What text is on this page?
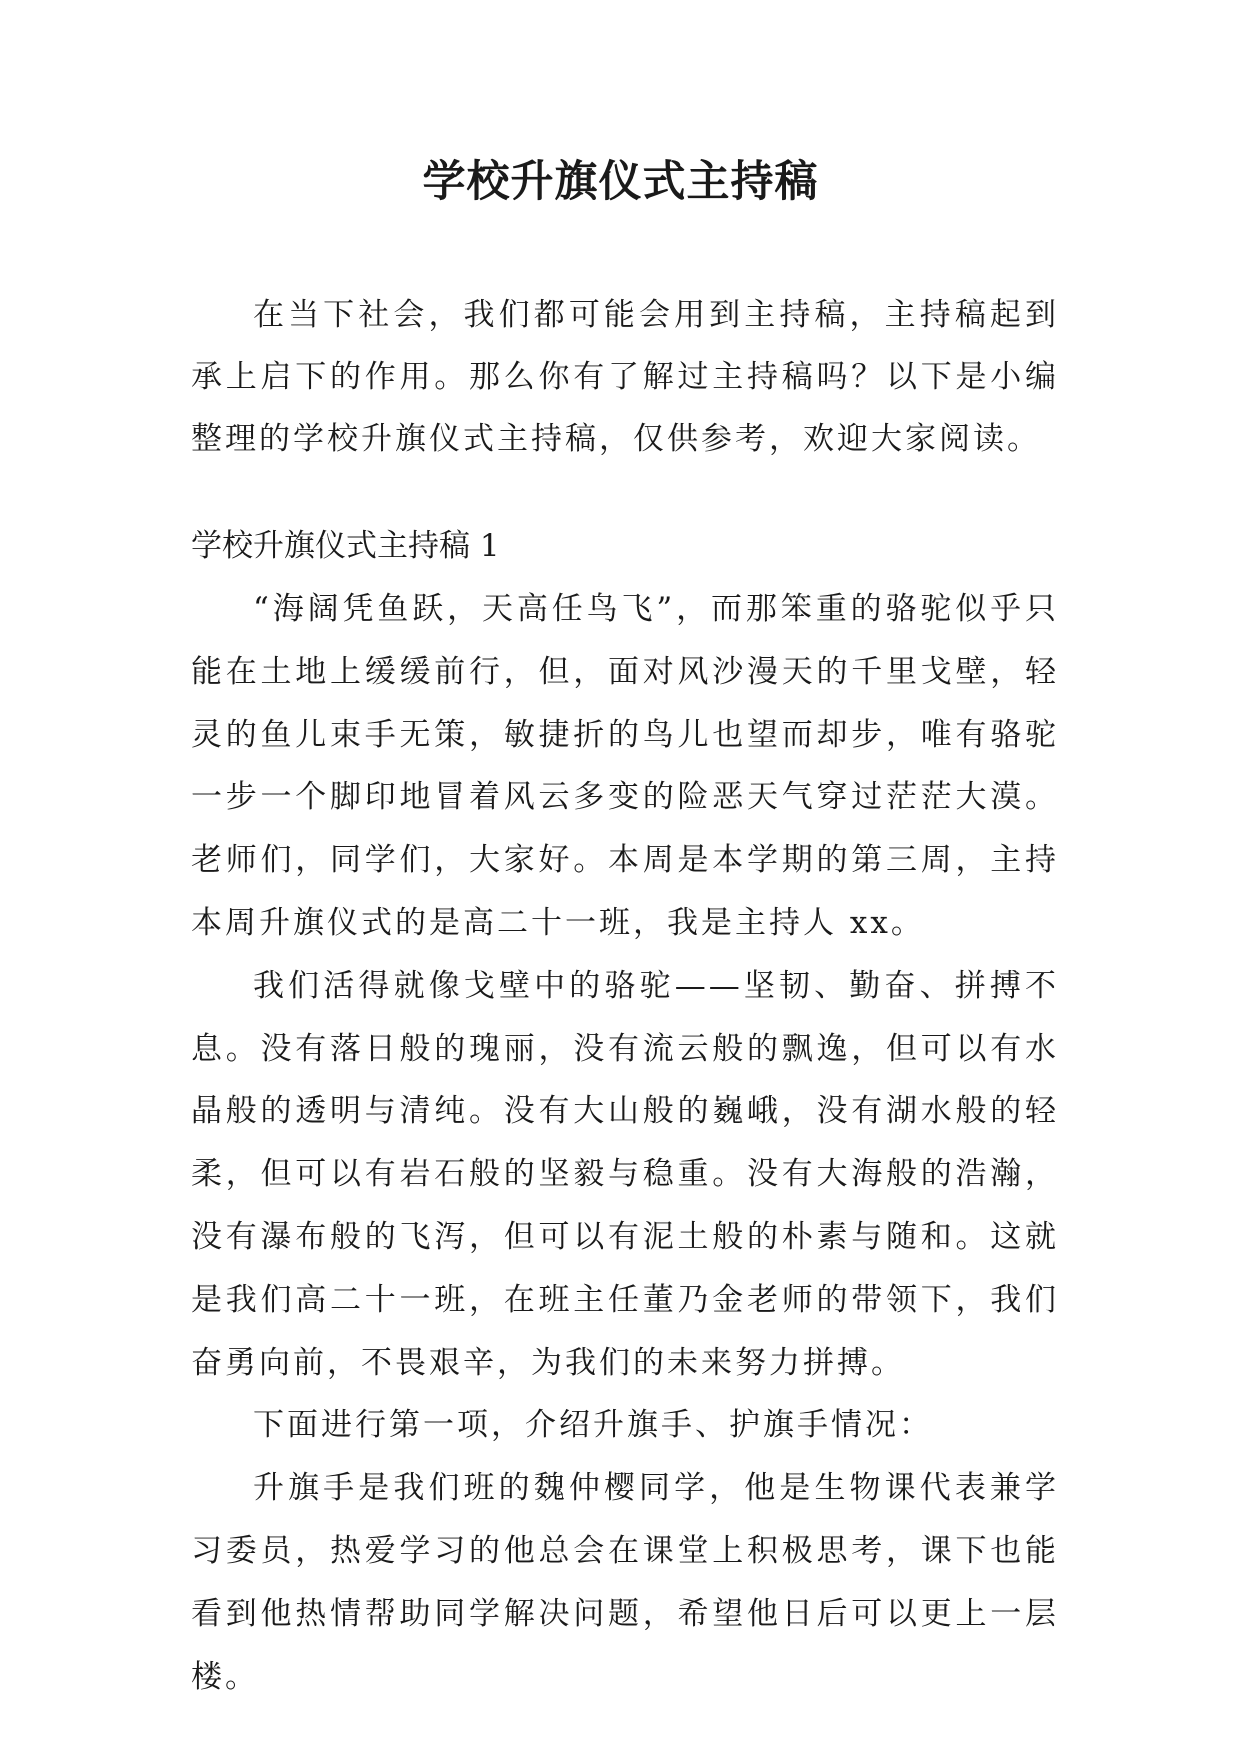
学校升旗仪式主持稿

在当下社会，我们都可能会用到主持稿，主持稿起到承上启下的作用。那么你有了解过主持稿吗？以下是小编整理的学校升旗仪式主持稿，仅供参考，欢迎大家阅读。

学校升旗仪式主持稿 1

“海阔凭鱼跃，天高任鸟飞”，而那笨重的骆驼似乎只能在土地上缓缓前行，但，面对风沙漫天的千里戈壁，轻灵的鱼儿束手无策，敏捷折的鸟儿也望而却步，唯有骆驼一步一个脚印地冒着风云多变的险恶天气穿过茫茫大漠。老师们，同学们，大家好。本周是本学期的第三周，主持本周升旗仪式的是高二十一班，我是主持人 xx。

我们活得就像戈壁中的骆驼——坚韧、勤奋、拼搏不息。没有落日般的瑰丽，没有流云般的飘逸，但可以有水晶般的透明与清纯。没有大山般的巍峨，没有湖水般的轻柔，但可以有岩石般的坚毅与稳重。没有大海般的浩瀚，没有瀑布般的飞泻，但可以有泥土般的朴素与随和。这就是我们高二十一班，在班主任董乃金老师的带领下，我们奋勇向前，不畏艰辛，为我们的未来努力拼搏。

下面进行第一项，介绍升旗手、护旗手情况：

升旗手是我们班的魏仲樱同学，他是生物课代表兼学习委员，热爱学习的他总会在课堂上积极思考，课下也能看到他热情帮助同学解决问题，希望他日后可以更上一层楼。
